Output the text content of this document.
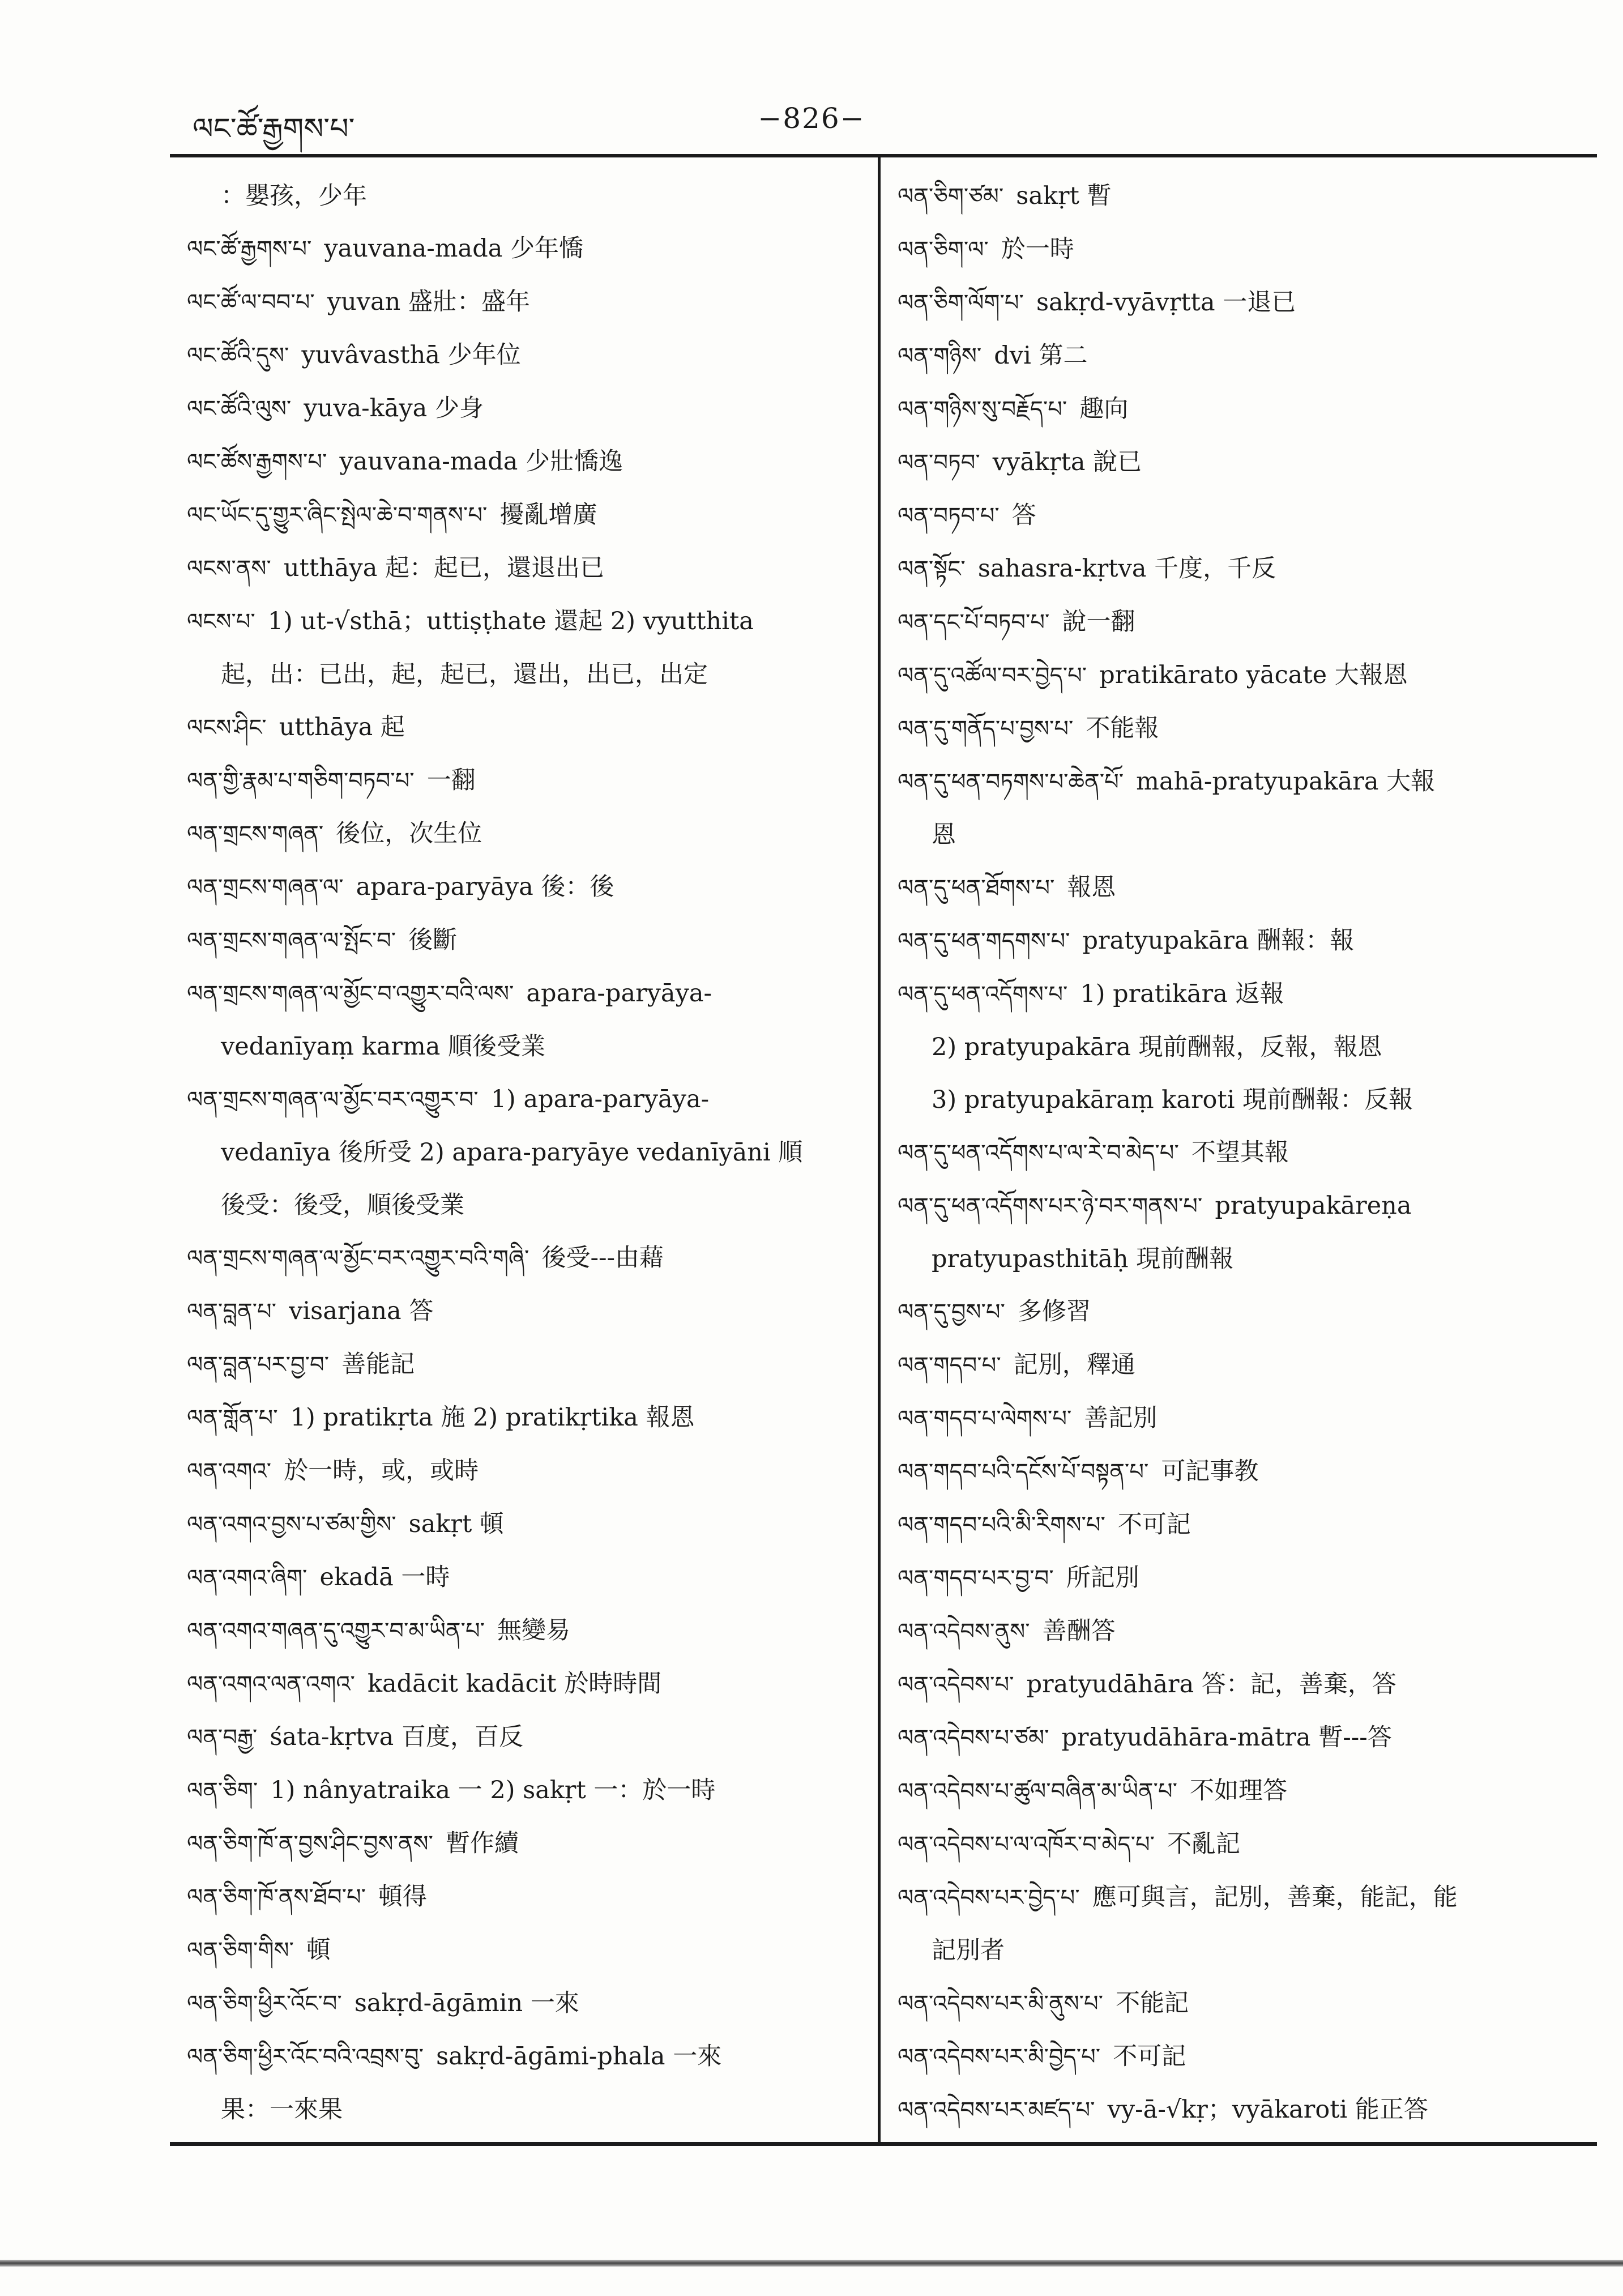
ལང་ཚོ་རྒྱགས་པ་	−826−
：嬰孩，少年
ལང་ཚོ་རྒྱགས་པ་ yauvana-mada 少年憍
ལང་ཚོ་ལ་བབ་པ་ yuvan 盛壯：盛年
ལང་ཚོའི་དུས་ yuvâvasthā 少年位
ལང་ཚོའི་ལུས་ yuva-kāya 少身
ལང་ཚོས་རྒྱགས་པ་ yauvana-mada 少壯憍逸
ལང་ཡོང་དུ་གྱུར་ཞིང་སྤེལ་ཆེ་བ་གནས་པ་ 擾亂增廣
ལངས་ནས་ utthāya 起：起已，還退出已
ལངས་པ་ 1) ut-√sthā；uttiṣṭhate 還起 2) vyutthita
起，出：已出，起，起已，還出，出已，出定
ལངས་ཤིང་ utthāya 起
ལན་གྱི་རྣམ་པ་གཅིག་བཏབ་པ་ 一翻
ལན་གྲངས་གཞན་ 後位，次生位
ལན་གྲངས་གཞན་ལ་ apara-paryāya 後：後
ལན་གྲངས་གཞན་ལ་སྤོང་བ་ 後斷
ལན་གྲངས་གཞན་ལ་མྱོང་བ་འགྱུར་བའི་ལས་ apara-paryāya-
vedanīyaṃ karma 順後受業
ལན་གྲངས་གཞན་ལ་མྱོང་བར་འགྱུར་བ་ 1) apara-paryāya-
vedanīya 後所受 2) apara-paryāye vedanīyāni 順
後受：後受，順後受業
ལན་གྲངས་གཞན་ལ་མྱོང་བར་འགྱུར་བའི་གཞི་ 後受---由藉
ལན་བླན་པ་ visarjana 答
ལན་བླན་པར་བྱ་བ་ 善能記
ལན་གློན་པ་ 1) pratikṛta 施 2) pratikṛtika 報恩
ལན་འགའ་ 於一時，或，或時
ལན་འགའ་བྱས་པ་ཙམ་གྱིས་ sakṛt 頓
ལན་འགའ་ཞིག་ ekadā 一時
ལན་འགའ་གཞན་དུ་འགྱུར་བ་མ་ཡིན་པ་ 無變易
ལན་འགའ་ལན་འགའ་ kadācit kadācit 於時時間
ལན་བརྒྱ་ śata-kṛtva 百度，百反
ལན་ཅིག་ 1) nânyatraika 一 2) sakṛt 一：於一時
ལན་ཅིག་ཁོ་ན་བྱས་ཤིང་བྱས་ནས་ 暫作續
ལན་ཅིག་ཁོ་ནས་ཐོབ་པ་ 頓得
ལན་ཅིག་གིས་ 頓
ལན་ཅིག་ཕྱིར་འོང་བ་ sakṛd-āgāmin 一來
ལན་ཅིག་ཕྱིར་འོང་བའི་འབྲས་བུ་ sakṛd-āgāmi-phala 一來
果：一來果
ལན་ཅིག་ཙམ་ sakṛt 暫
ལན་ཅིག་ལ་ 於一時
ལན་ཅིག་ལོག་པ་ sakṛd-vyāvṛtta 一退已
ལན་གཉིས་ dvi 第二
ལན་གཉིས་སུ་བརྗོད་པ་ 趣向
ལན་བཏབ་ vyākṛta 說已
ལན་བཏབ་པ་ 答
ལན་སྟོང་ sahasra-kṛtva 千度，千反
ལན་དང་པོ་བཏབ་པ་ 說一翻
ལན་དུ་འཚོལ་བར་བྱེད་པ་ pratikārato yācate 大報恩
ལན་དུ་གནོད་པ་བྱས་པ་ 不能報
ལན་དུ་ཕན་བཏགས་པ་ཆེན་པོ་ mahā-pratyupakāra 大報
恩
ལན་དུ་ཕན་ཐོགས་པ་ 報恩
ལན་དུ་ཕན་གདགས་པ་ pratyupakāra 酬報：報
ལན་དུ་ཕན་འདོགས་པ་ 1) pratikāra 返報
2) pratyupakāra 現前酬報，反報，報恩
3) pratyupakāraṃ karoti 現前酬報：反報
ལན་དུ་ཕན་འདོགས་པ་ལ་རེ་བ་མེད་པ་ 不望其報
ལན་དུ་ཕན་འདོགས་པར་ཉེ་བར་གནས་པ་ pratyupakāreṇa
pratyupasthitāḥ 現前酬報
ལན་དུ་བྱས་པ་ 多修習
ལན་གདབ་པ་ 記別，釋通
ལན་གདབ་པ་ལེགས་པ་ 善記別
ལན་གདབ་པའི་དངོས་པོ་བསྟན་པ་ 可記事教
ལན་གདབ་པའི་མི་རིགས་པ་ 不可記
ལན་གདབ་པར་བྱ་བ་ 所記別
ལན་འདེབས་ནུས་ 善酬答
ལན་འདེབས་པ་ pratyudāhāra 答：記，善棄，答
ལན་འདེབས་པ་ཙམ་ pratyudāhāra-mātra 暫---答
ལན་འདེབས་པ་ཚུལ་བཞིན་མ་ཡིན་པ་ 不如理答
ལན་འདེབས་པ་ལ་འཁོར་བ་མེད་པ་ 不亂記
ལན་འདེབས་པར་བྱེད་པ་ 應可與言，記別，善棄，能記，能
記別者
ལན་འདེབས་པར་མི་ནུས་པ་ 不能記
ལན་འདེབས་པར་མི་བྱེད་པ་ 不可記
ལན་འདེབས་པར་མཛད་པ་ vy-ā-√kṛ；vyākaroti 能正答
